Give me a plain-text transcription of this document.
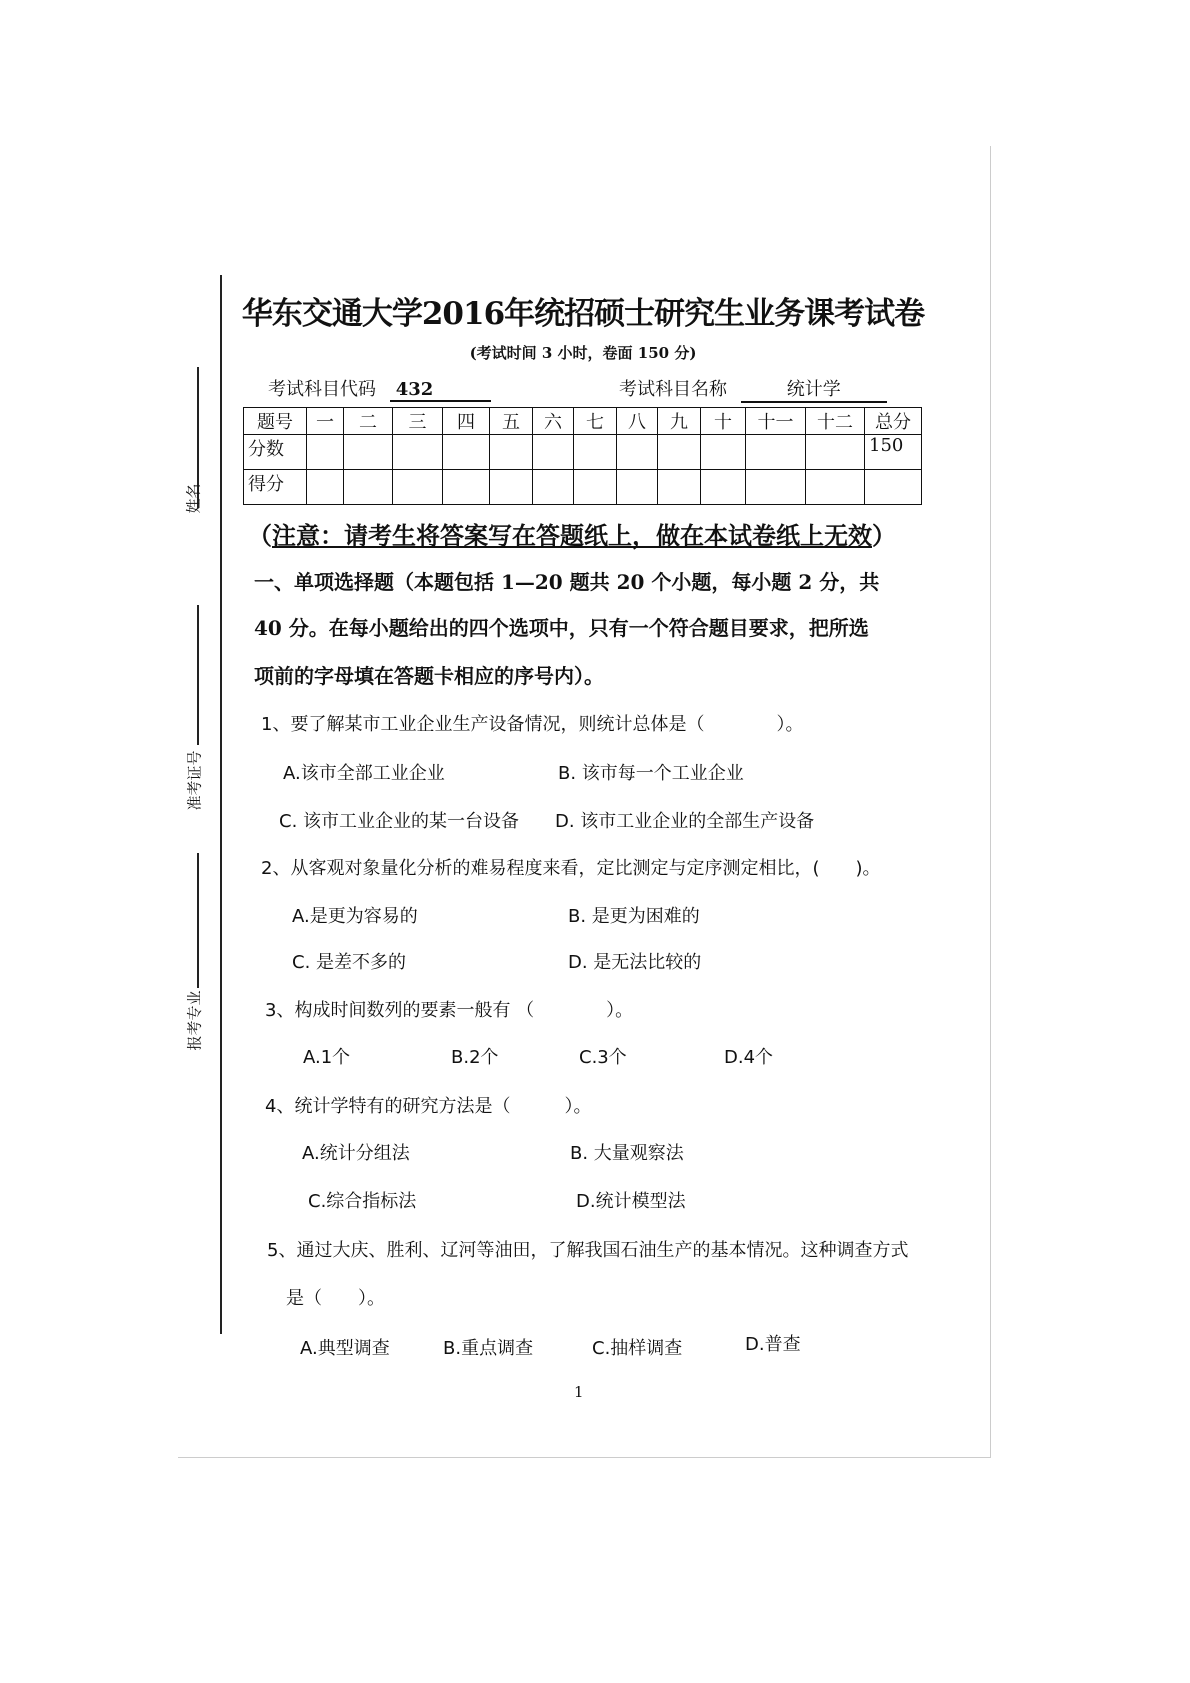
姓名
准考证号
报考专业
华东交通大学2016年统招硕士研究生业务课考试卷
(考试时间 3 小时，卷面 150 分)
考试科目代码 432	考试科目名称	统计学
题号	一	二	三	四	五	六	七	八	九	十	十一	十二	总分
分数													150
得分													
（注意：请考生将答案写在答题纸上，做在本试卷纸上无效）
一、单项选择题（本题包括 1—20 题共 20 个小题，每小题 2 分，共
40 分。在每小题给出的四个选项中，只有一个符合题目要求，把所选
项前的字母填在答题卡相应的序号内）。
1、要了解某市工业企业生产设备情况，则统计总体是（　　　　）。
A.该市全部工业企业	B. 该市每一个工业企业
C. 该市工业企业的某一台设备 D. 该市工业企业的全部生产设备
2、从客观对象量化分析的难易程度来看，定比测定与定序测定相比，(　　)。
A.是更为容易的	B. 是更为困难的
C. 是差不多的	D. 是无法比较的
3、构成时间数列的要素一般有 （　　　　）。
A.1个	B.2个	C.3个	D.4个
4、统计学特有的研究方法是（　　　）。
A.统计分组法	B. 大量观察法
C.综合指标法	D.统计模型法
5、通过大庆、胜利、辽河等油田，了解我国石油生产的基本情况。这种调查方式
是（　　）。
A.典型调查	B.重点调查	C.抽样调查	D.普查
1
